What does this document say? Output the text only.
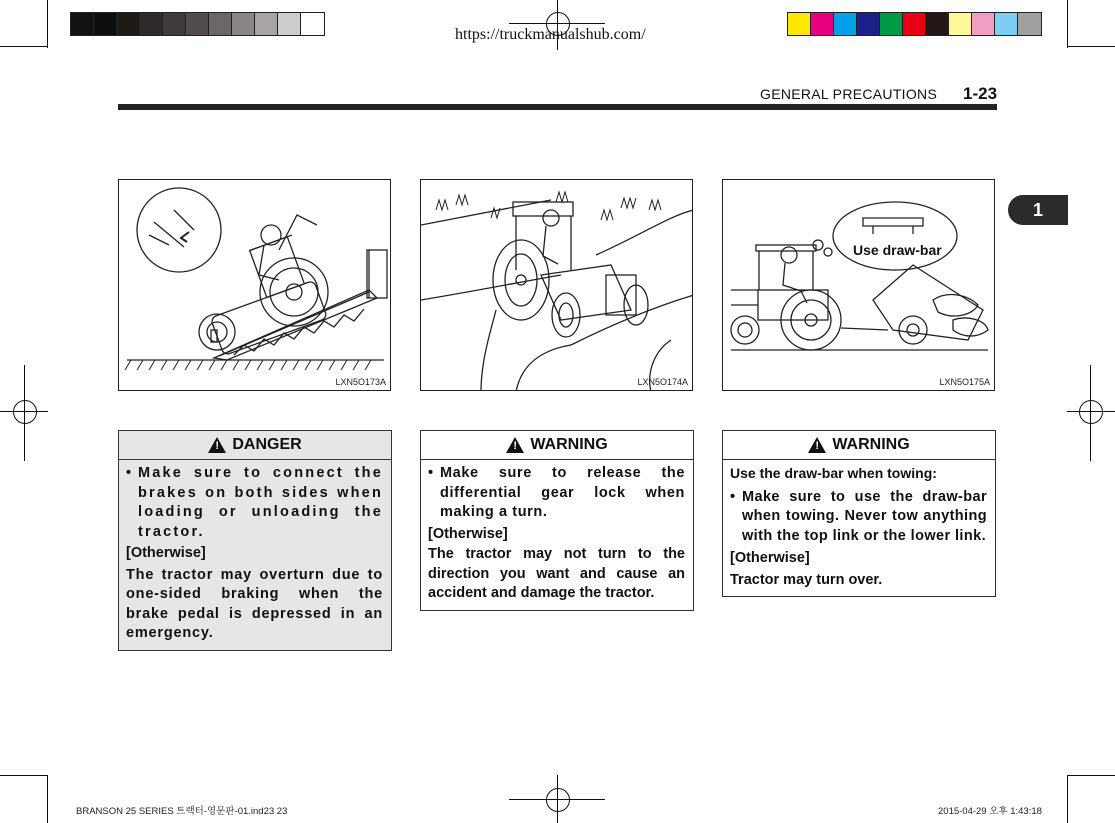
https://truckmanualshub.com/
GENERAL PRECAUTIONS 1-23
1
LXN5O173A	LXN5O174A
Use draw-bar
LXN5O175A
! DANGER
• Make sure to connect the brakes on both sides when loading or unloading the tractor.
[Otherwise]
The tractor may overturn due to one-sided braking when the brake pedal is depressed in an emergency.
! WARNING
• Make sure to release the differential gear lock when making a turn.
[Otherwise]
The tractor may not turn to the direction you want and cause an accident and damage the tractor.
! WARNING
Use the draw-bar when towing:
• Make sure to use the draw-bar when towing. Never tow anything with the top link or the lower link.
[Otherwise]
Tractor may turn over.
BRANSON 25 SERIES 트랙터-영문판-01.ind23 23	2015-04-29 오후 1:43:18
